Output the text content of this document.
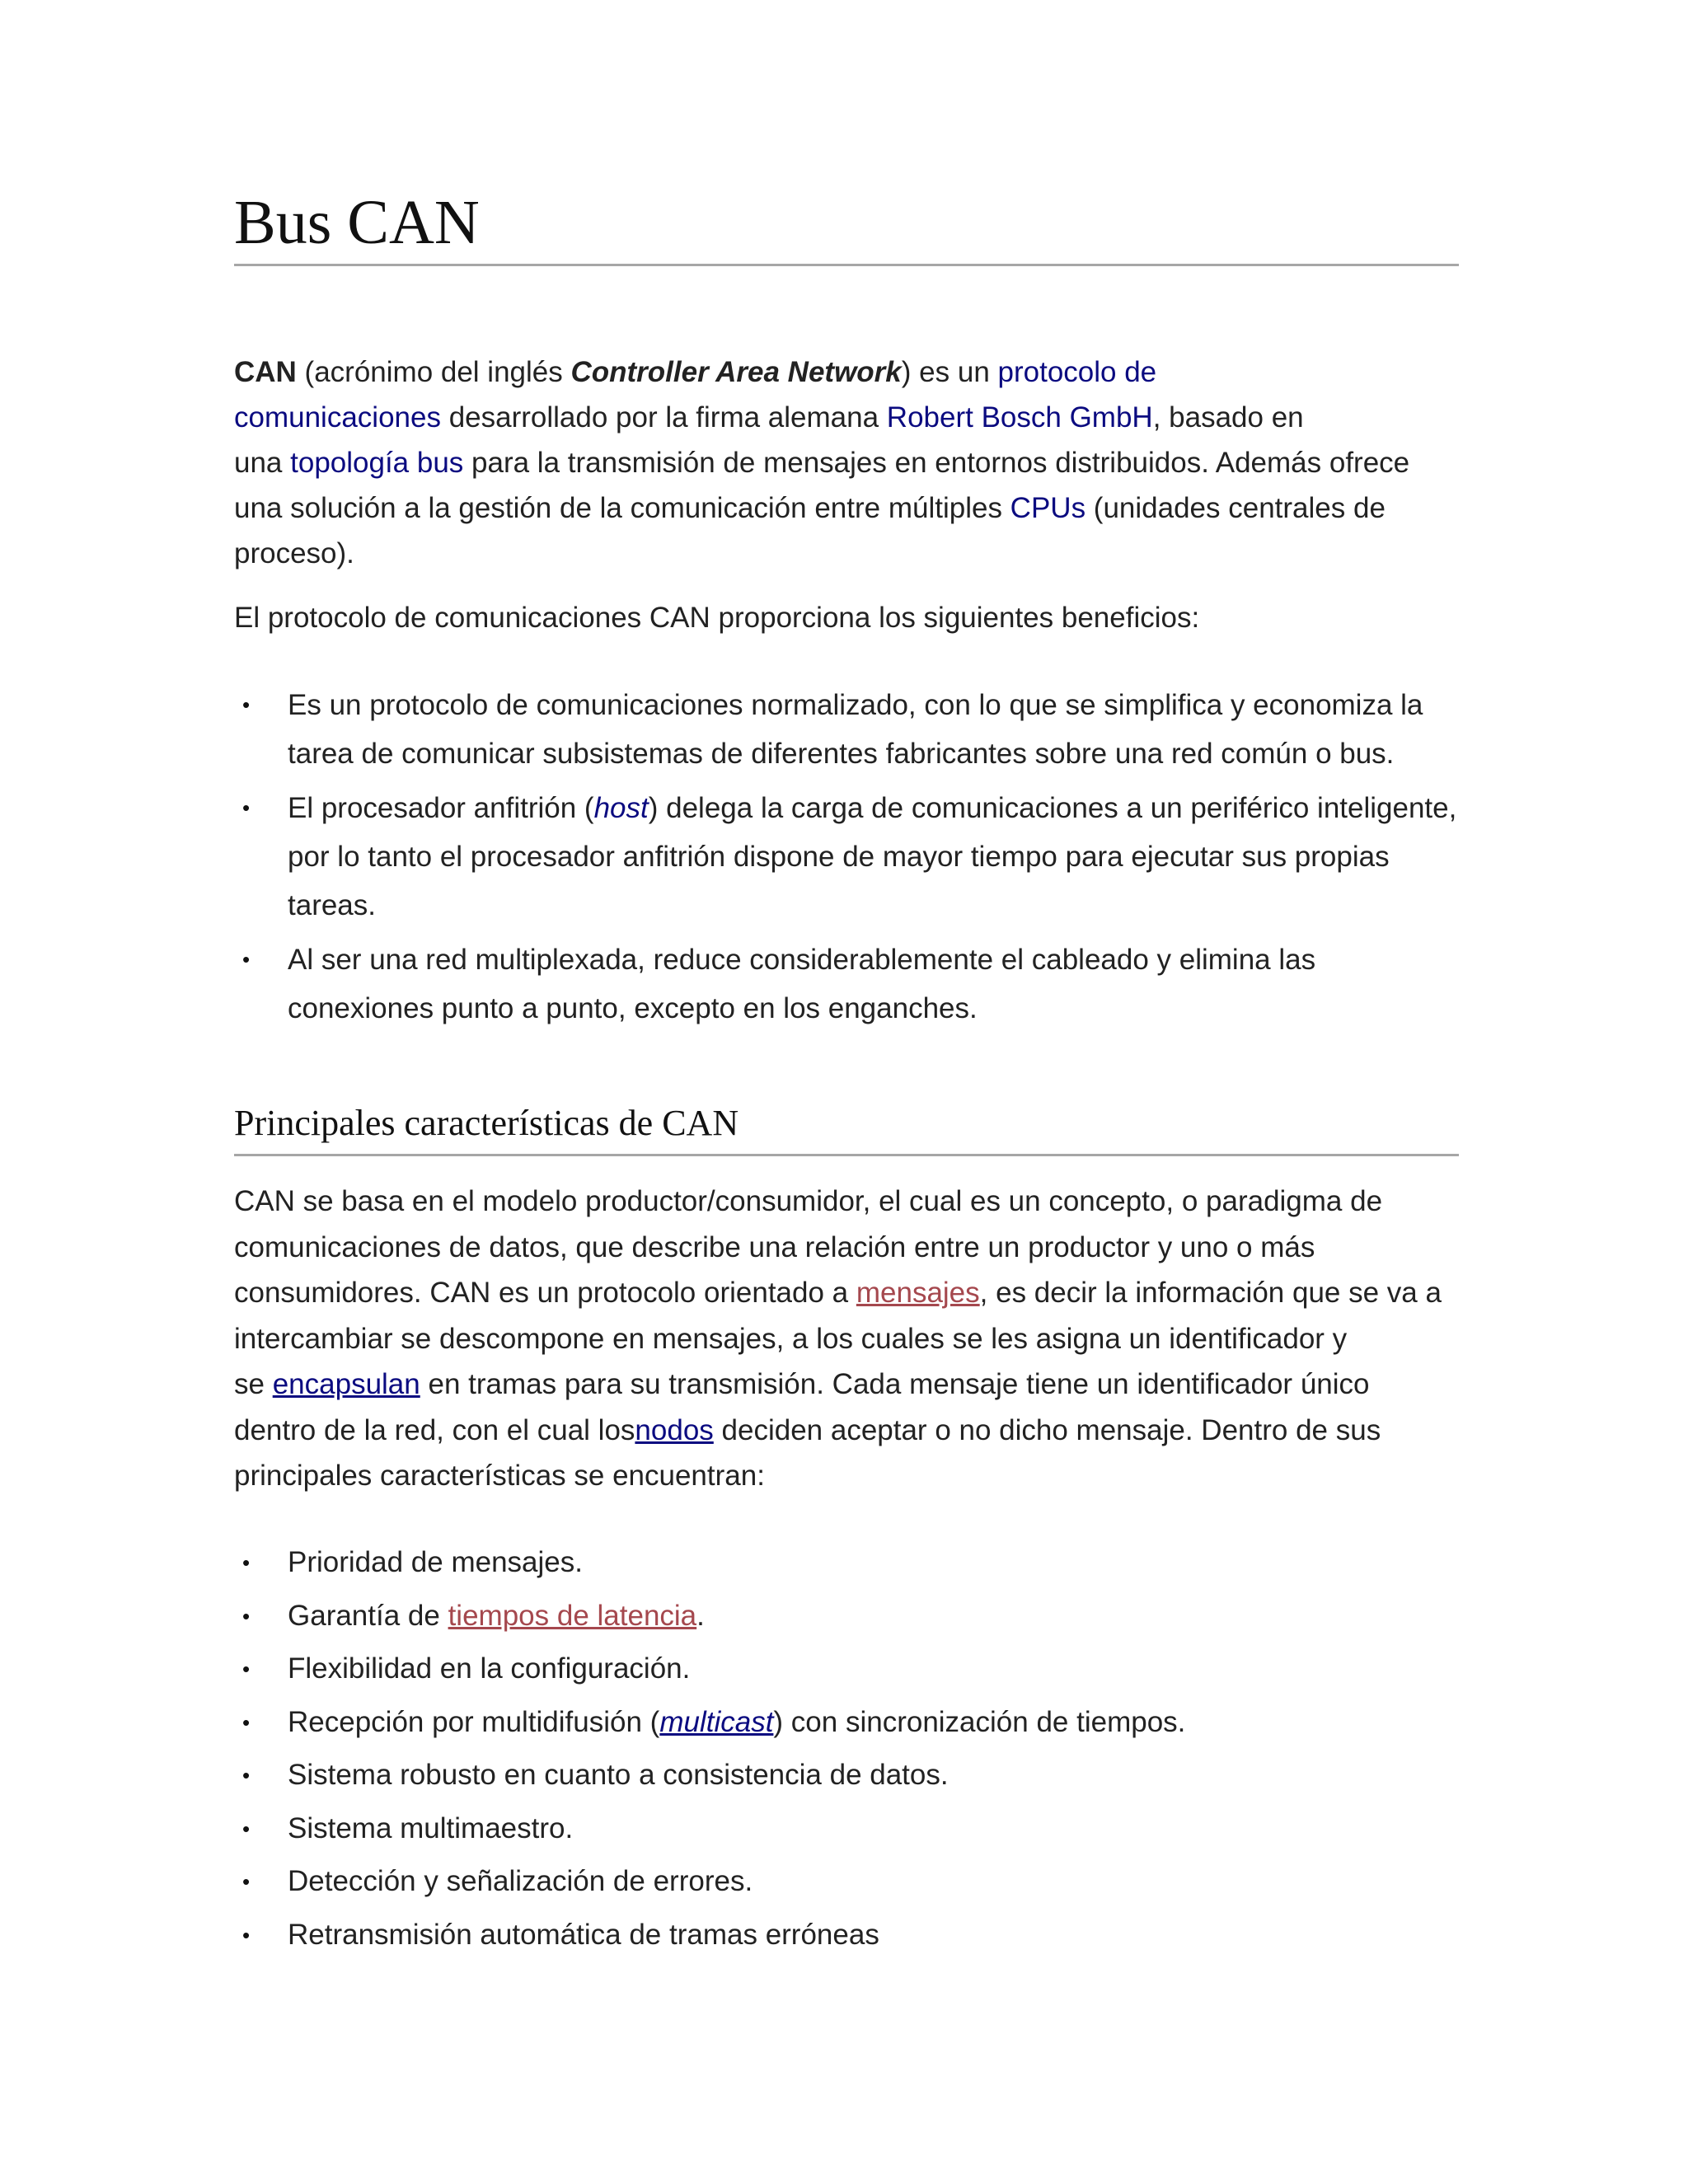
Bus CAN

CAN (acrónimo del inglés Controller Area Network) es un protocolo de
comunicaciones desarrollado por la firma alemana Robert Bosch GmbH, basado en
una topología bus para la transmisión de mensajes en entornos distribuidos. Además ofrece una solución a la gestión de la comunicación entre múltiples CPUs (unidades centrales de proceso).

El protocolo de comunicaciones CAN proporciona los siguientes beneficios:

• Es un protocolo de comunicaciones normalizado, con lo que se simplifica y economiza la tarea de comunicar subsistemas de diferentes fabricantes sobre una red común o bus.
• El procesador anfitrión (host) delega la carga de comunicaciones a un periférico inteligente, por lo tanto el procesador anfitrión dispone de mayor tiempo para ejecutar sus propias tareas.
• Al ser una red multiplexada, reduce considerablemente el cableado y elimina las conexiones punto a punto, excepto en los enganches.
Principales características de CAN

CAN se basa en el modelo productor/consumidor, el cual es un concepto, o paradigma de comunicaciones de datos, que describe una relación entre un productor y uno o más consumidores. CAN es un protocolo orientado a mensajes, es decir la información que se va a intercambiar se descompone en mensajes, a los cuales se les asigna un identificador y
se encapsulan en tramas para su transmisión. Cada mensaje tiene un identificador único dentro de la red, con el cual losnodos deciden aceptar o no dicho mensaje. Dentro de sus principales características se encuentran:

• Prioridad de mensajes.
• Garantía de tiempos de latencia.
• Flexibilidad en la configuración.
• Recepción por multidifusión (multicast) con sincronización de tiempos.
• Sistema robusto en cuanto a consistencia de datos.
• Sistema multimaestro.
• Detección y señalización de errores.
• Retransmisión automática de tramas erróneas
